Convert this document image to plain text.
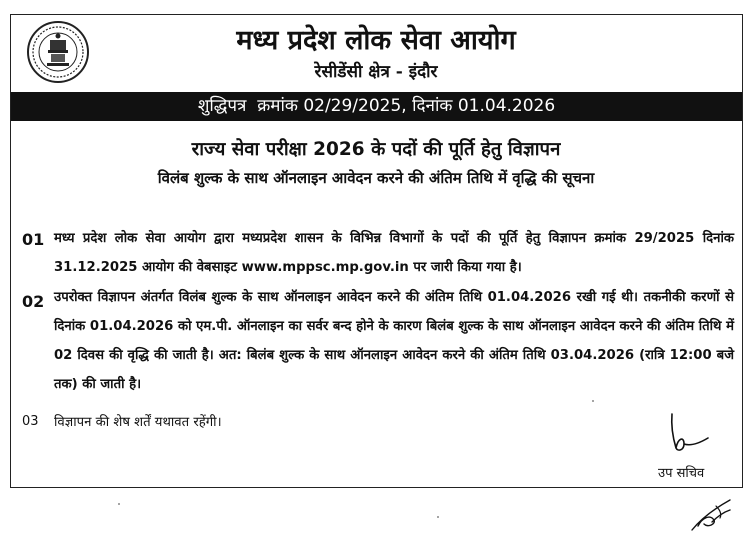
मध्य प्रदेश लोक सेवा आयोग
रेसीडेंसी क्षेत्र - इंदौर
शुद्धिपत्र क्रमांक 02/29/2025, दिनांक 01.04.2026
राज्य सेवा परीक्षा 2026 के पदों की पूर्ति हेतु विज्ञापन
विलंब शुल्क के साथ ऑनलाइन आवेदन करने की अंतिम तिथि में वृद्धि की सूचना
01 मध्य प्रदेश लोक सेवा आयोग द्वारा मध्यप्रदेश शासन के विभिन्न विभागों के पदों की पूर्ति हेतु विज्ञापन क्रमांक 29/2025 दिनांक 31.12.2025 आयोग की वेबसाइट www.mppsc.mp.gov.in पर जारी किया गया है।
02 उपरोक्त विज्ञापन अंतर्गत विलंब शुल्क के साथ ऑनलाइन आवेदन करने की अंतिम तिथि 01.04.2026 रखी गई थी। तकनीकी करणों से दिनांक 01.04.2026 को एम.पी. ऑनलाइन का सर्वर बन्द होने के कारण बिलंब शुल्क के साथ ऑनलाइन आवेदन करने की अंतिम तिथि में 02 दिवस की वृद्धि की जाती है। अत: बिलंब शुल्क के साथ ऑनलाइन आवेदन करने की अंतिम तिथि 03.04.2026 (रात्रि 12:00 बजे तक) की जाती है।
03 विज्ञापन की शेष शर्तें यथावत रहेंगी।
उप सचिव
